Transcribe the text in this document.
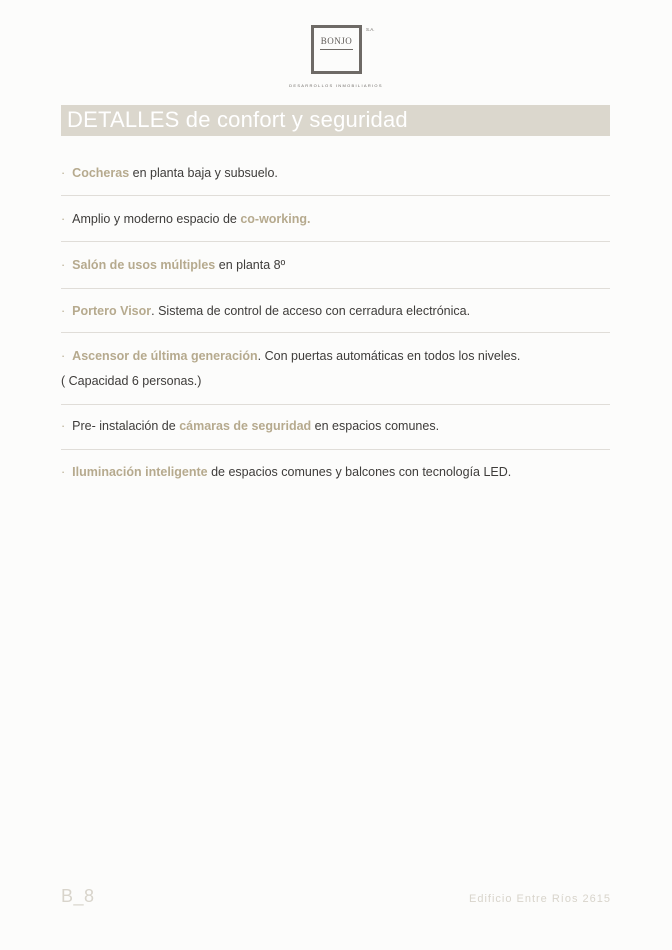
BONJO
S.A.
DESARROLLOS INMOBILIARIOS
DETALLES de confort y seguridad
· Cocheras en planta baja y subsuelo.
· Amplio y moderno espacio de co-working.
· Salón de usos múltiples en planta 8º
· Portero Visor. Sistema de control de acceso con cerradura electrónica.
· Ascensor de última generación. Con puertas automáticas en todos los niveles.
( Capacidad 6 personas.)
· Pre- instalación de cámaras de seguridad en espacios comunes.
· Iluminación inteligente de espacios comunes y balcones con tecnología LED.
B_8	Edificio Entre Ríos 2615
